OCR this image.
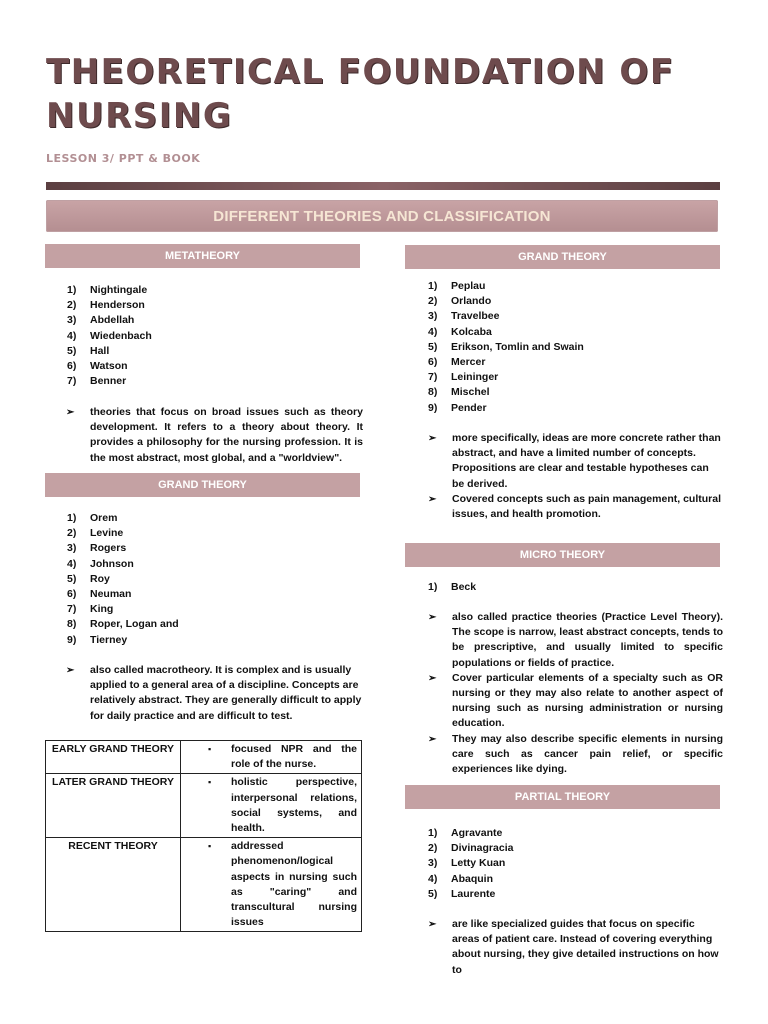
THEORETICAL FOUNDATION OF NURSING
LESSON 3/ PPT & BOOK
DIFFERENT THEORIES AND CLASSIFICATION
METATHEORY
1) Nightingale
2) Henderson
3) Abdellah
4) Wiedenbach
5) Hall
6) Watson
7) Benner
➢ theories that focus on broad issues such as theory development. It refers to a theory about theory. It provides a philosophy for the nursing profession. It is the most abstract, most global, and a "worldview".
GRAND THEORY
1) Orem
2) Levine
3) Rogers
4) Johnson
5) Roy
6) Neuman
7) King
8) Roper, Logan and
9) Tierney
➢ also called macrotheory. It is complex and is usually applied to a general area of a discipline. Concepts are relatively abstract. They are generally difficult to apply for daily practice and are difficult to test.
EARLY GRAND THEORY	▪ focused NPR and the role of the nurse.

LATER GRAND THEORY	▪ holistic perspective, interpersonal relations, social systems, and health.

RECENT THEORY	▪ addressed phenomenon/logical aspects in nursing such as "caring" and transcultural nursing issues
GRAND THEORY
1) Peplau
2) Orlando
3) Travelbee
4) Kolcaba
5) Erikson, Tomlin and Swain
6) Mercer
7) Leininger
8) Mischel
9) Pender
➢ more specifically, ideas are more concrete rather than abstract, and have a limited number of concepts. Propositions are clear and testable hypotheses can be derived.
➢ Covered concepts such as pain management, cultural issues, and health promotion.
MICRO THEORY
1) Beck
➢ also called practice theories (Practice Level Theory). The scope is narrow, least abstract concepts, tends to be prescriptive, and usually limited to specific populations or fields of practice.
➢ Cover particular elements of a specialty such as OR nursing or they may also relate to another aspect of nursing such as nursing administration or nursing education.
➢ They may also describe specific elements in nursing care such as cancer pain relief, or specific experiences like dying.
PARTIAL THEORY
1) Agravante
2) Divinagracia
3) Letty Kuan
4) Abaquin
5) Laurente
➢ are like specialized guides that focus on specific areas of patient care. Instead of covering everything about nursing, they give detailed instructions on how to
